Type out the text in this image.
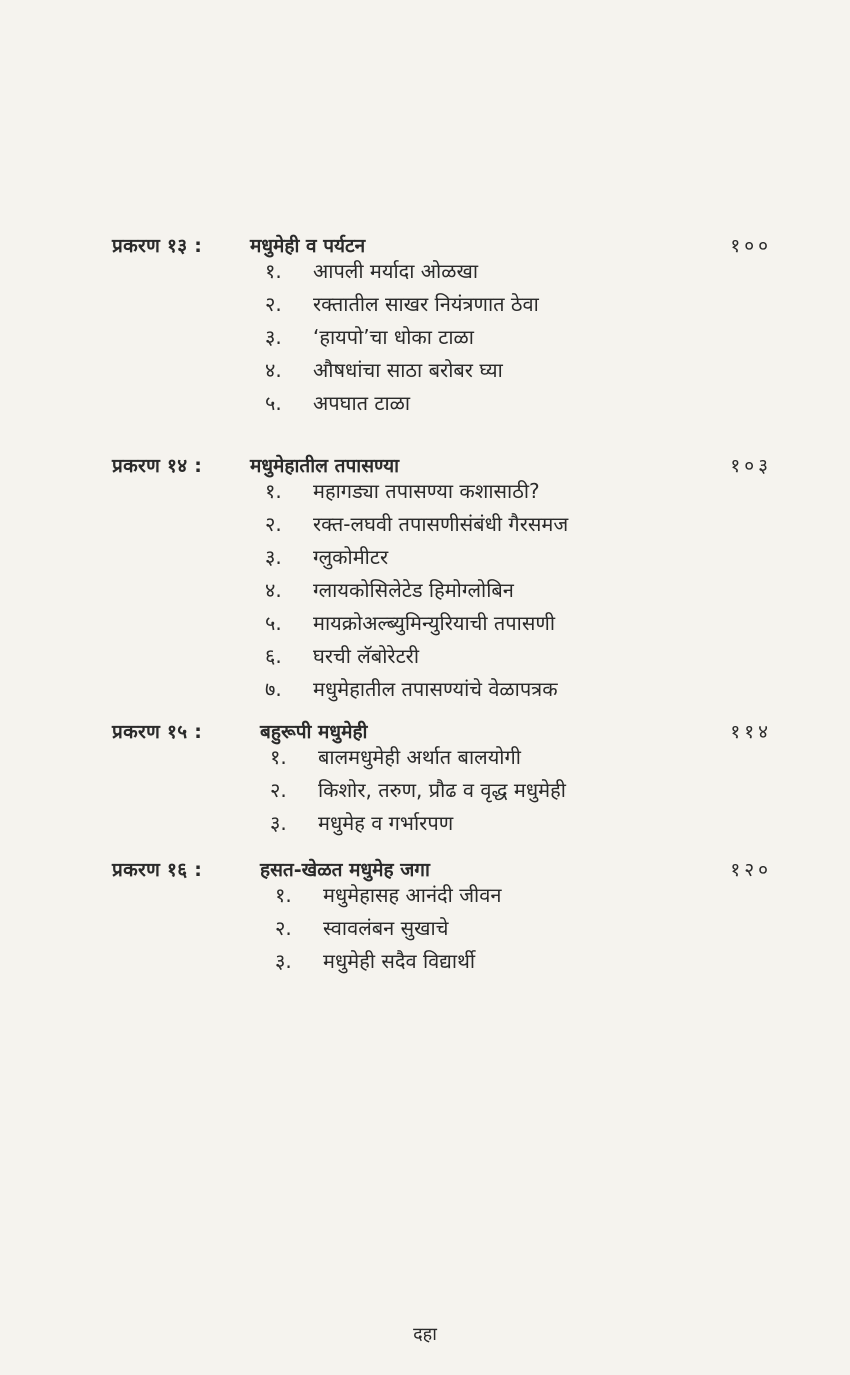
प्रकरण १३ :	मधुमेही व पर्यटन	१००
१.	आपली मर्यादा ओळखा
२.	रक्तातील साखर नियंत्रणात ठेवा
३.	‘हायपो’चा धोका टाळा
४.	औषधांचा साठा बरोबर घ्या
५.	अपघात टाळा
प्रकरण १४ :	मधुमेहातील तपासण्या	१०३
१.	महागड्या तपासण्या कशासाठी?
२.	रक्त-लघवी तपासणीसंबंधी गैरसमज
३.	ग्लुकोमीटर
४.	ग्लायकोसिलेटेड हिमोग्लोबिन
५.	मायक्रोअल्ब्युमिन्युरियाची तपासणी
६.	घरची लॅबोरेटरी
७.	मधुमेहातील तपासण्यांचे वेळापत्रक
प्रकरण १५ :	बहुरूपी मधुमेही	११४
१.	बालमधुमेही अर्थात बालयोगी
२.	किशोर, तरुण, प्रौढ व वृद्ध मधुमेही
३.	मधुमेह व गर्भारपण
प्रकरण १६ :	हसत-खेळत मधुमेह जगा	१२०
१.	मधुमेहासह आनंदी जीवन
२.	स्वावलंबन सुखाचे
३.	मधुमेही सदैव विद्यार्थी
दहा
